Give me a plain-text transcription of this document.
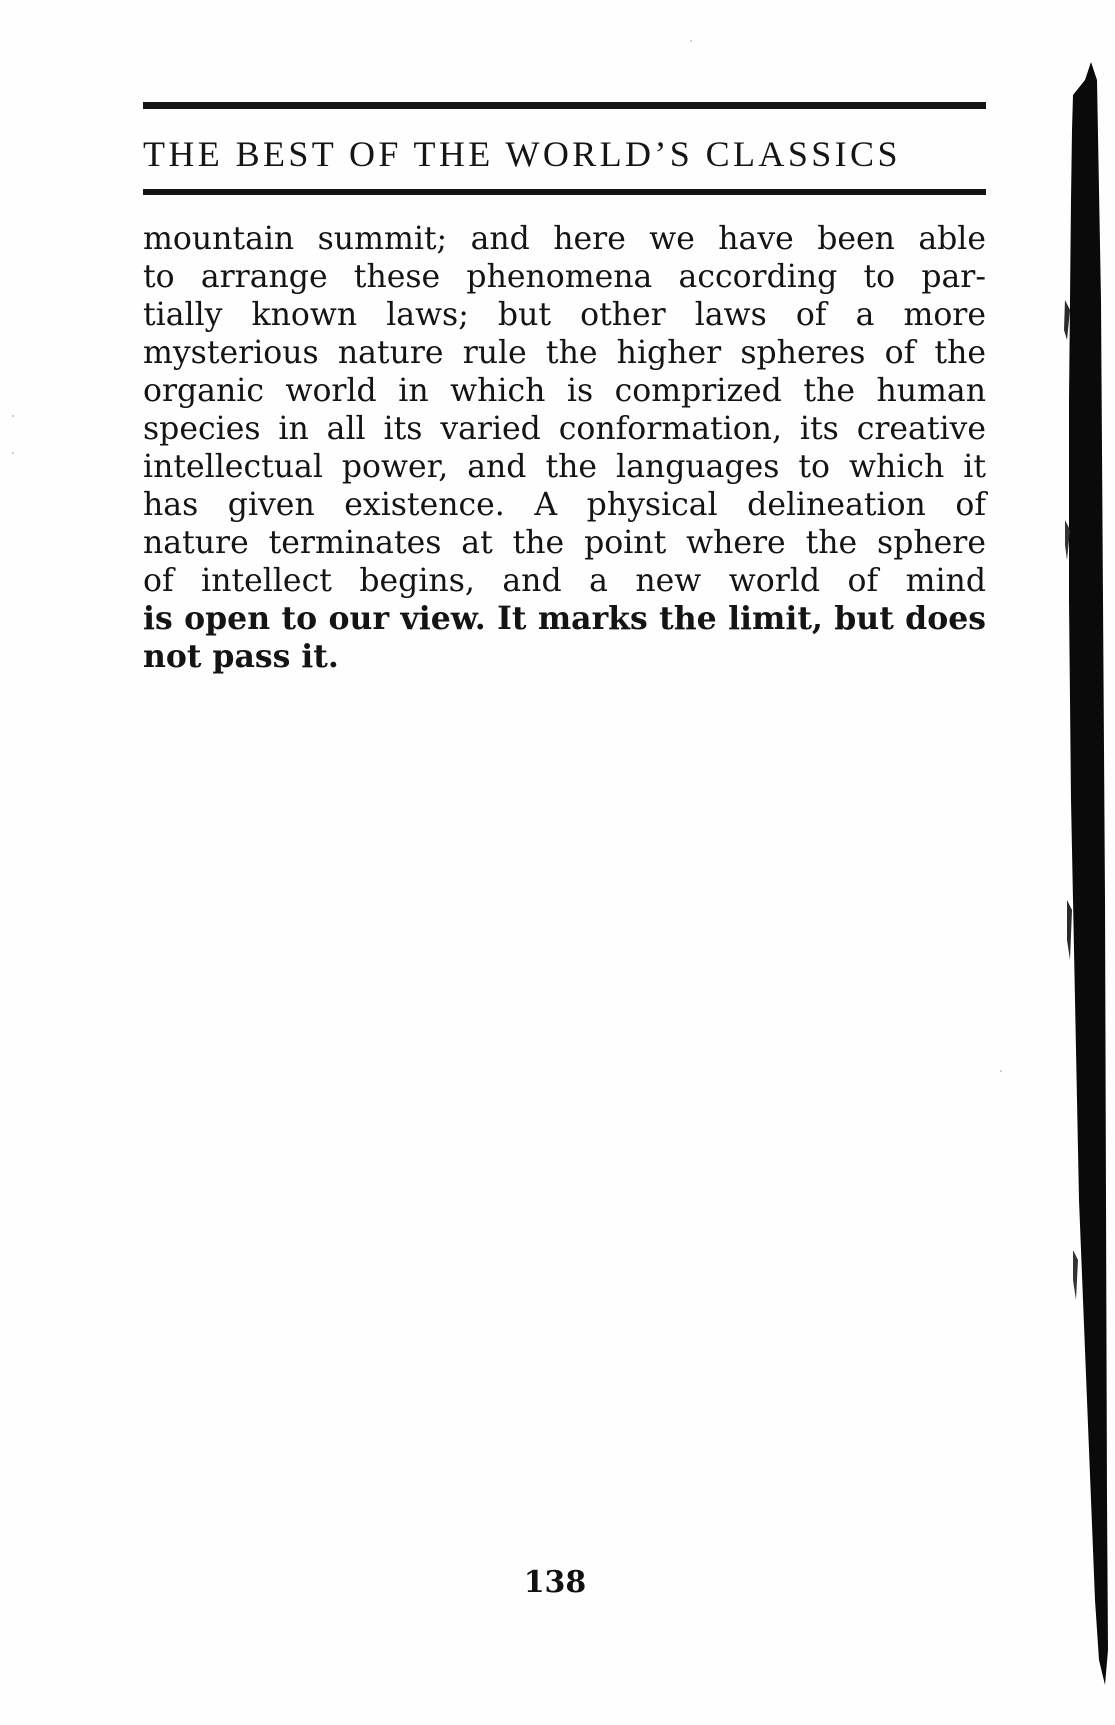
THE BEST OF THE WORLD’S CLASSICS
mountain summit; and here we have been able
to arrange these phenomena according to par-
tially known laws; but other laws of a more
mysterious nature rule the higher spheres of the
organic world in which is comprized the human
species in all its varied conformation, its creative
intellectual power, and the languages to which it
has given existence. A physical delineation of
nature terminates at the point where the sphere
of intellect begins, and a new world of mind
is open to our view. It marks the limit, but does
not pass it.
138
